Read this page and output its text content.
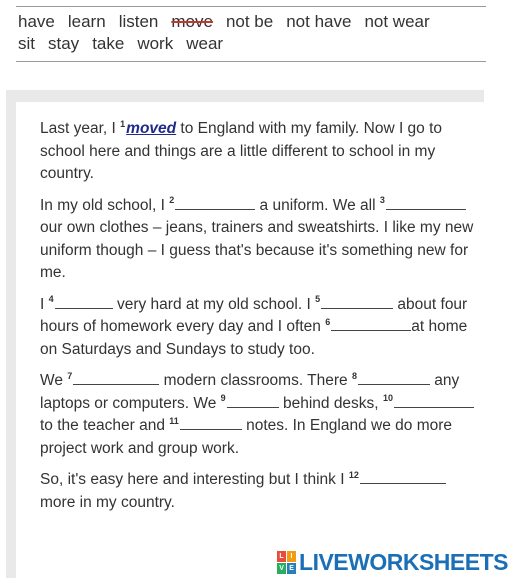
have learn listen move not be not have not wear
sit stay take work wear

Last year, I $^1$moved to England with my family. Now I go to school here and things are a little different to school in my country.

In my old school, I $^2$	a uniform. We all $^3$ our own clothes – jeans, trainers and sweatshirts. I like my new uniform though – I guess that's because it's something new for me.

I $^4$	very hard at my old school. I $^5$	about four hours of homework every day and I often $^6$	at home on Saturdays and Sundays to study too.

We $^7$	modern classrooms. There $^8$	any laptops or computers. We $^9$	behind desks, $^{10}$ to the teacher and $^{11}$	notes. In England we do more project work and group work.

So, it's easy here and interesting but I think I $^{12}$ more in my country.

L I
V E LIVEWORKSHEETS
